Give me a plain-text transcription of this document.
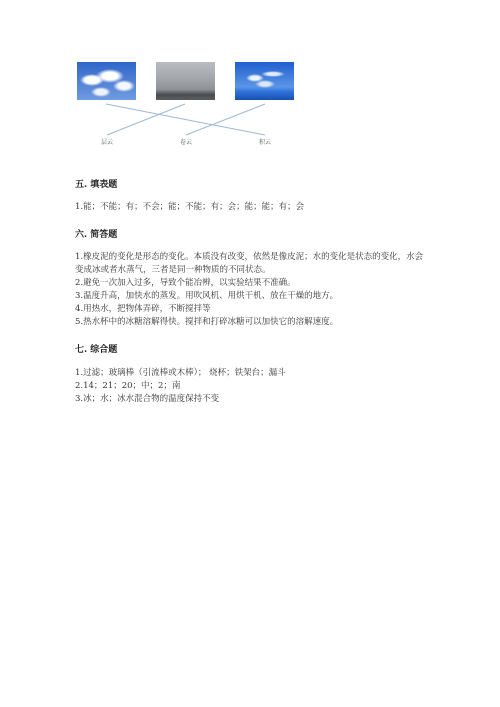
层云	卷云	积云
五. 填表题
1.能；不能；有；不会；能；不能；有；会；能；能；有；会
六. 简答题
1.橡皮泥的变化是形态的变化。本质没有改变，依然是像皮泥；水的变化是状态的变化，水会变成冰或者水蒸气，三者是同一种物质的不同状态。
2.避免一次加入过多，导致个能冶辨，以实验结果不准确。
3.温度升高，加快水的蒸发。用吹风机、用烘干机、放在干燥的地方。
4.用热水，把物体弄碎，不断搅拌等
5.热水杯中的冰糖溶解得快。搅拌和打碎冰糖可以加快它的溶解速度。
七. 综合题
1.过滤；玻璃棒（引流棒或木棒）； 烧杯；铁架台；漏斗
2.14；21；20；中；2；南
3.冰；水；冰水混合物的温度保持不变
